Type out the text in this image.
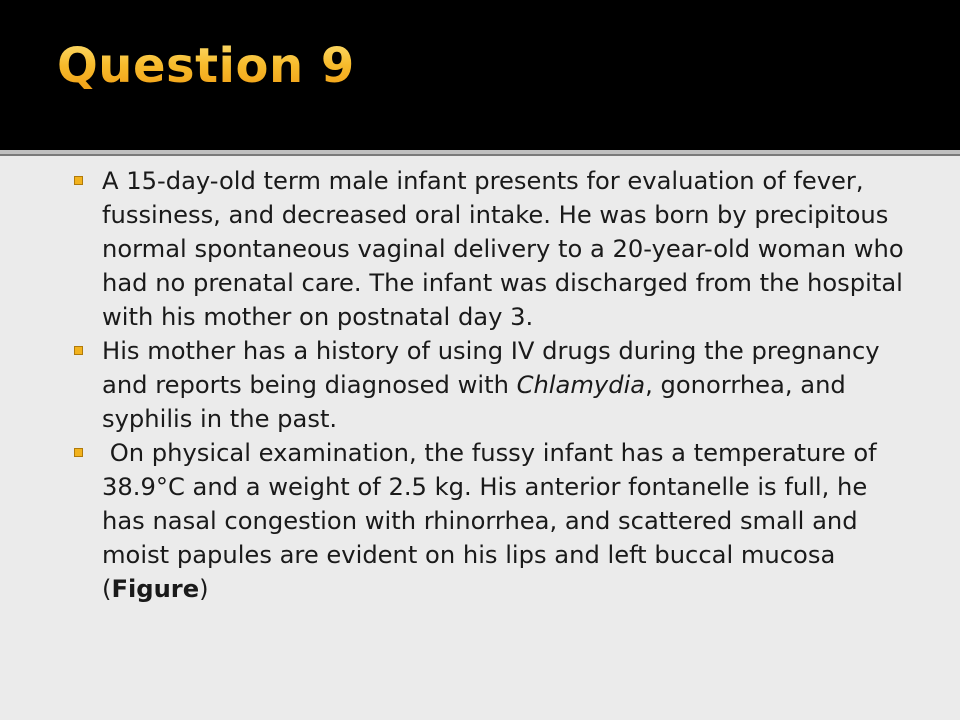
Question 9
A 15-day-old term male infant presents for evaluation of fever, fussiness, and decreased oral intake. He was born by precipitous normal spontaneous vaginal delivery to a 20-year-old woman who had no prenatal care. The infant was discharged from the hospital with his mother on postnatal day 3.
His mother has a history of using IV drugs during the pregnancy and reports being diagnosed with Chlamydia, gonorrhea, and syphilis in the past.
On physical examination, the fussy infant has a temperature of 38.9°C and a weight of 2.5 kg. His anterior fontanelle is full, he has nasal congestion with rhinorrhea, and scattered small and moist papules are evident on his lips and left buccal mucosa (Figure)
